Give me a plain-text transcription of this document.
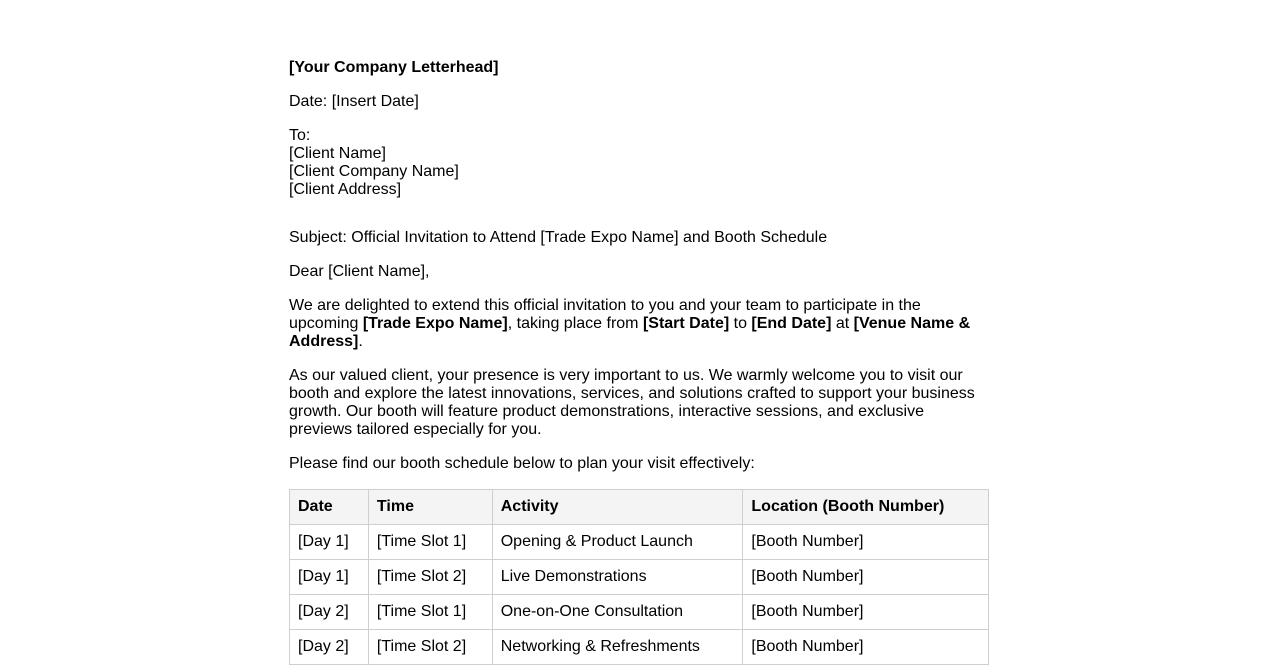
[Your Company Letterhead]

Date: [Insert Date]

To:
[Client Name]
[Client Company Name]
[Client Address]

Subject: Official Invitation to Attend [Trade Expo Name] and Booth Schedule

Dear [Client Name],

We are delighted to extend this official invitation to you and your team to participate in the upcoming [Trade Expo Name], taking place from [Start Date] to [End Date] at [Venue Name & Address].

As our valued client, your presence is very important to us. We warmly welcome you to visit our booth and explore the latest innovations, services, and solutions crafted to support your business growth. Our booth will feature product demonstrations, interactive sessions, and exclusive previews tailored especially for you.

Please find our booth schedule below to plan your visit effectively:

Date	Time	Activity	Location (Booth Number)
[Day 1]	[Time Slot 1]	Opening & Product Launch	[Booth Number]
[Day 1]	[Time Slot 2]	Live Demonstrations	[Booth Number]
[Day 2]	[Time Slot 1]	One-on-One Consultation	[Booth Number]
[Day 2]	[Time Slot 2]	Networking & Refreshments	[Booth Number]
